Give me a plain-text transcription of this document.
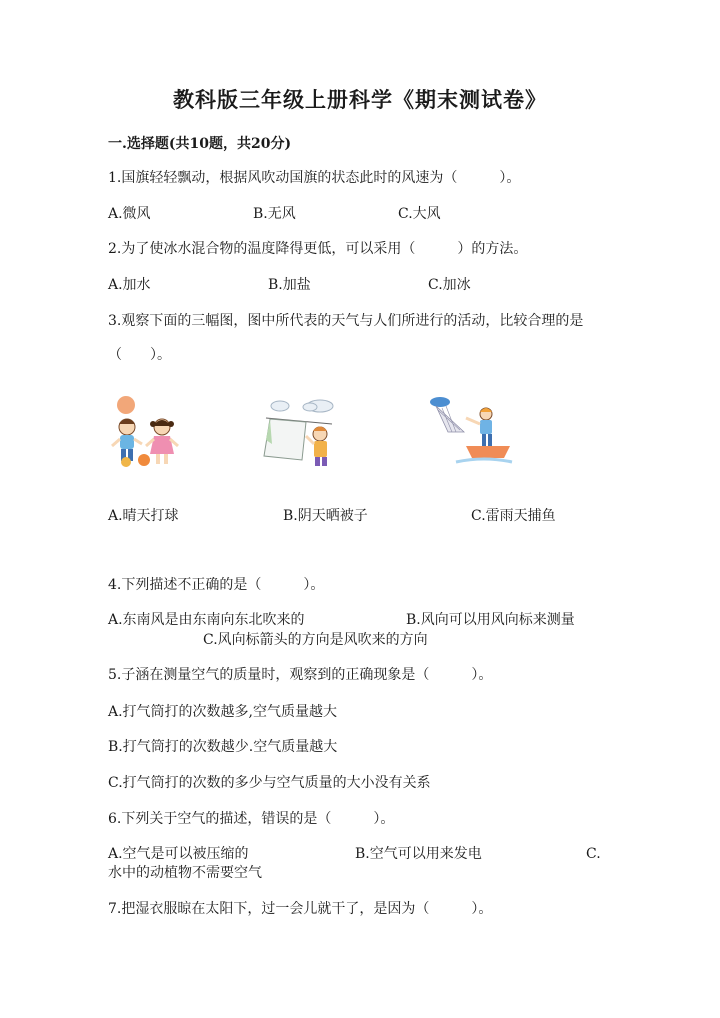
教科版三年级上册科学《期末测试卷》
一.选择题(共10题，共20分)
1.国旗轻轻飘动，根据风吹动国旗的状态此时的风速为（　　　）。
A.微风	B.无风	C.大风
2.为了使冰水混合物的温度降得更低，可以采用（　　　）的方法。
A.加水	B.加盐	C.加冰
3.观察下面的三幅图，图中所代表的天气与人们所进行的活动，比较合理的是
（　　）。
A.晴天打球	B.阴天晒被子	C.雷雨天捕鱼
4.下列描述不正确的是（　　　）。
A.东南风是由东南向东北吹来的	B.风向可以用风向标来测量
C.风向标箭头的方向是风吹来的方向
5.子涵在测量空气的质量时，观察到的正确现象是（　　　）。
A.打气筒打的次数越多,空气质量越大
B.打气筒打的次数越少.空气质量越大
C.打气筒打的次数的多少与空气质量的大小没有关系
6.下列关于空气的描述，错误的是（　　　）。
A.空气是可以被压缩的	B.空气可以用来发电	C.
水中的动植物不需要空气
7.把湿衣服晾在太阳下，过一会儿就干了，是因为（　　　）。
